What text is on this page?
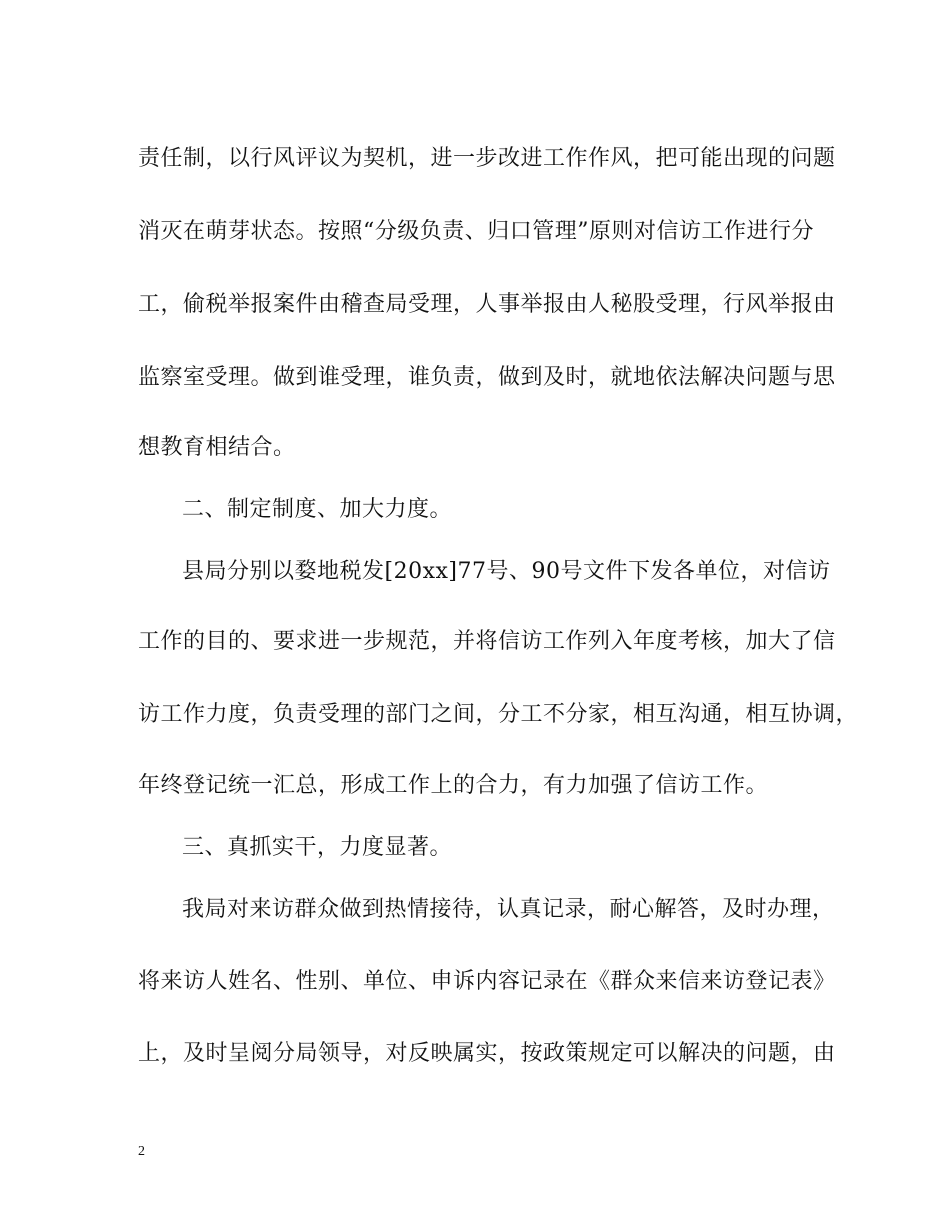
责任制，以行风评议为契机，进一步改进工作作风，把可能出现的问题
消灭在萌芽状态。按照“分级负责、归口管理”原则对信访工作进行分
工，偷税举报案件由稽查局受理，人事举报由人秘股受理，行风举报由
监察室受理。做到谁受理，谁负责，做到及时，就地依法解决问题与思
想教育相结合。
二、制定制度、加大力度。
县局分别以婺地税发[20xx]77号、90号文件下发各单位，对信访
工作的目的、要求进一步规范，并将信访工作列入年度考核，加大了信
访工作力度，负责受理的部门之间，分工不分家，相互沟通，相互协调，
年终登记统一汇总，形成工作上的合力，有力加强了信访工作。
三、真抓实干，力度显著。
我局对来访群众做到热情接待，认真记录，耐心解答，及时办理，
将来访人姓名、性别、单位、申诉内容记录在《群众来信来访登记表》
上，及时呈阅分局领导，对反映属实，按政策规定可以解决的问题，由
2
